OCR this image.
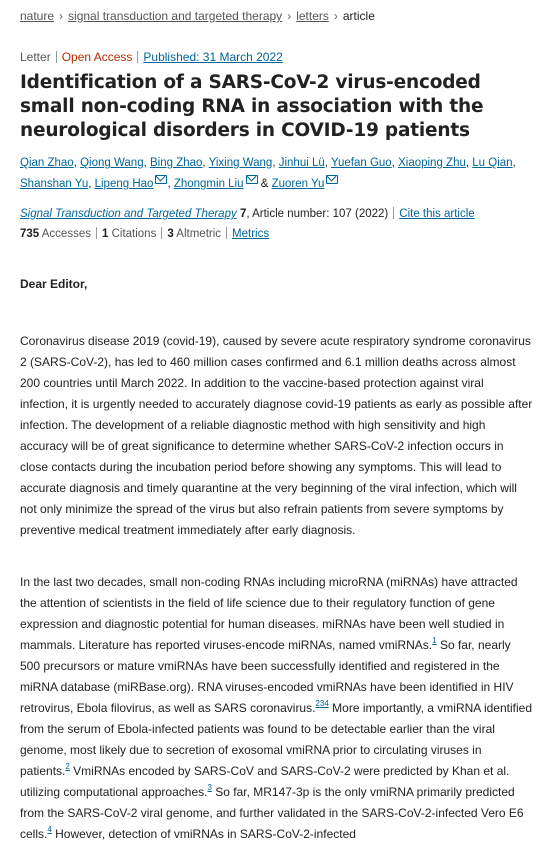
nature › signal transduction and targeted therapy › letters › article
Letter Open Access Published: 31 March 2022
Identification of a SARS-CoV-2 virus-encoded small non-coding RNA in association with the neurological disorders in COVID-19 patients
Qian Zhao, Qiong Wang, Bing Zhao, Yixing Wang, Jinhui Lü, Yuefan Guo, Xiaoping Zhu, Lu Qian, Shanshan Yu, Lipeng Hao , Zhongmin Liu & Zuoren Yu
Signal Transduction and Targeted Therapy 7, Article number: 107 (2022) Cite this article
735 Accesses 1 Citations 3 Altmetric Metrics

Dear Editor,

Coronavirus disease 2019 (covid-19), caused by severe acute respiratory syndrome coronavirus 2 (SARS-CoV-2), has led to 460 million cases confirmed and 6.1 million deaths across almost 200 countries until March 2022. In addition to the vaccine-based protection against viral infection, it is urgently needed to accurately diagnose covid-19 patients as early as possible after infection. The development of a reliable diagnostic method with high sensitivity and high accuracy will be of great significance to determine whether SARS-CoV-2 infection occurs in close contacts during the incubation period before showing any symptoms. This will lead to accurate diagnosis and timely quarantine at the very beginning of the viral infection, which will not only minimize the spread of the virus but also refrain patients from severe symptoms by preventive medical treatment immediately after early diagnosis.

In the last two decades, small non-coding RNAs including microRNA (miRNAs) have attracted the attention of scientists in the field of life science due to their regulatory function of gene expression and diagnostic potential for human diseases. miRNAs have been well studied in mammals. Literature has reported viruses-encode miRNAs, named vmiRNAs.$^1$ So far, nearly 500 precursors or mature vmiRNAs have been successfully identified and registered in the miRNA database (miRBase.org). RNA viruses-encoded vmiRNAs have been identified in HIV retrovirus, Ebola filovirus, as well as SARS coronavirus.$^{234}$ More importantly, a vmiRNA identified from the serum of Ebola-infected patients was found to be detectable earlier than the viral genome, most likely due to secretion of exosomal vmiRNA prior to circulating viruses in patients.$^2$ VmiRNAs encoded by SARS-CoV and SARS-CoV-2 were predicted by Khan et al. utilizing computational approaches.$^3$ So far, MR147-3p is the only vmiRNA primarily predicted from the SARS-CoV-2 viral genome, and further validated in the SARS-CoV-2-infected Vero E6 cells.$^4$ However, detection of vmiRNAs in SARS-CoV-2-infected
